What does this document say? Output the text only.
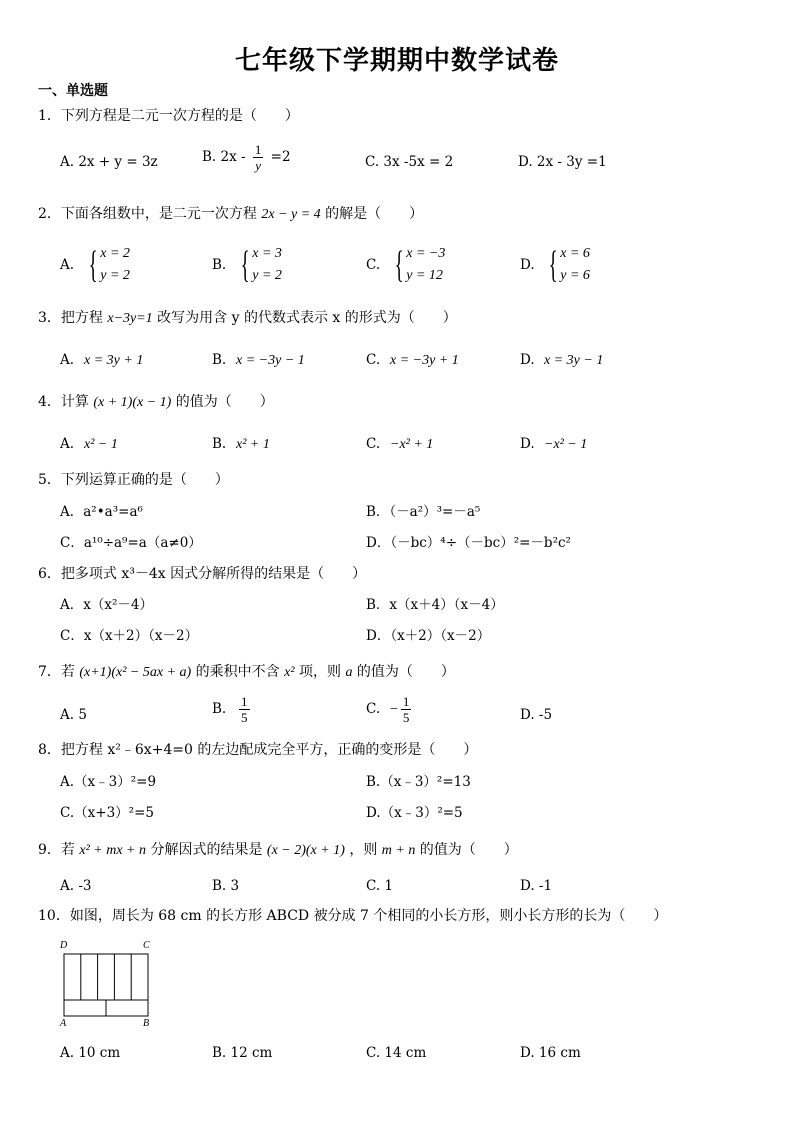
七年级下学期期中数学试卷
一、单选题
1．下列方程是二元一次方程的是（　　）
A. 2x + y = 3z	B. $2x - \frac{1}{y} =2$	C. 3x -5x = 2	D. 2x - 3y =1
2．下面各组数中，是二元一次方程 2x − y = 4 的解是（　　）
A. { x = 2
y = 2
B. { x = 3
y = 2
C. { x = −3
y = 12
D. { x = 6
y = 6
3．把方程 x−3y=1 改写为用含 y 的代数式表示 x 的形式为（　　）
A. x = 3y + 1	B. x = −3y − 1	C. x = −3y + 1	D. x = 3y − 1
4．计算 (x + 1)(x − 1) 的值为（　　）
A. x² − 1	B. x² + 1	C. −x² + 1	D. −x² − 1
5．下列运算正确的是（　　）
A．a²•a³=a⁶	B．（－a²）³=－a⁵
C．a¹⁰÷a⁹=a（a≠0）	D．（－bc）⁴÷（－bc）²=－b²c²
6．把多项式 x³－4x 因式分解所得的结果是（　　）
A．x（x²－4）	B．x（x＋4）（x－4）
C．x（x＋2）（x－2）	D．（x＋2）（x－2）
7．若 (x+1)(x² − 5ax + a) 的乘积中不含 x² 项，则 a 的值为（　　）
A. 5	B. $\frac{1}{5}$	C. − $\frac{1}{5}$	D. -5
8．把方程 x²﹣6x+4=0 的左边配成完全平方，正确的变形是（　　）
A.（x﹣3）²=9	B.（x﹣3）²=13
C.（x+3）²=5	D.（x﹣3）²=5
9．若 x² + mx + n 分解因式的结果是 (x − 2)(x + 1) ，则 m + n 的值为（　　）
A. -3	B. 3	C. 1	D. -1
10．如图，周长为 68 cm 的长方形 ABCD 被分成 7 个相同的小长方形，则小长方形的长为（　　）
D	C
A	B
A. 10 cm	B. 12 cm	C. 14 cm	D. 16 cm
